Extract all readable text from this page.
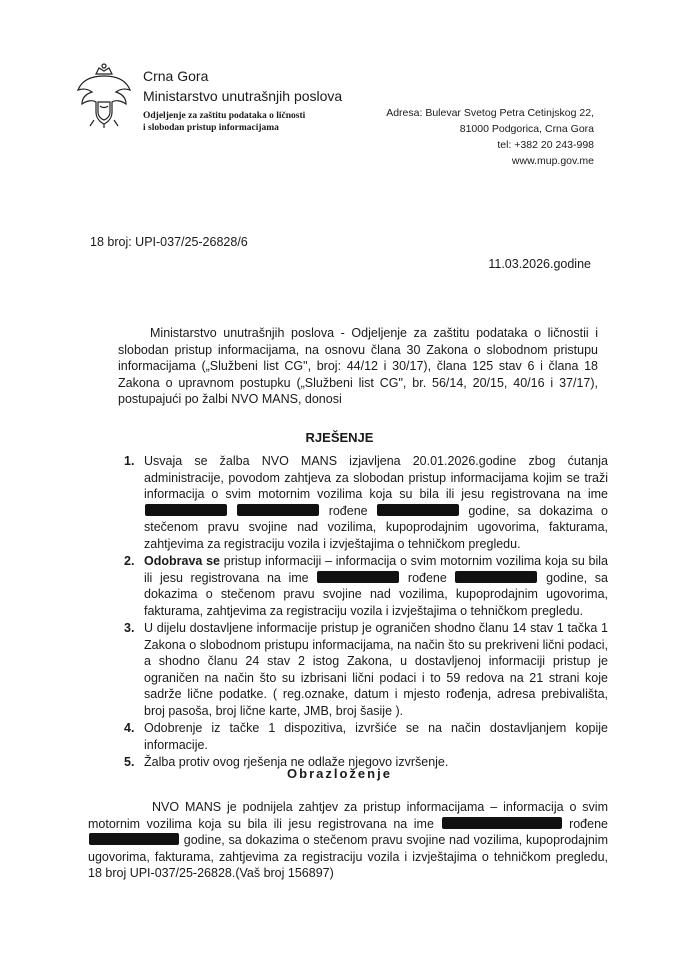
Crna Gora
Ministarstvo unutrašnjih poslova
Odjeljenje za zaštitu podataka o ličnosti
i slobodan pristup informacijama
Adresa: Bulevar Svetog Petra Cetinjskog 22,
81000 Podgorica, Crna Gora
tel: +382 20 243-998
www.mup.gov.me
18 broj: UPI-037/25-26828/6
11.03.2026.godine
Ministarstvo unutrašnjih poslova - Odjeljenje za zaštitu podataka o ličnostii i slobodan pristup informacijama, na osnovu člana 30 Zakona o slobodnom pristupu informacijama („Službeni list CG", broj: 44/12 i 30/17), člana 125 stav 6 i člana 18 Zakona o upravnom postupku („Službeni list CG", br. 56/14, 20/15, 40/16 i 37/17), postupajući po žalbi NVO MANS, donosi
RJEŠENJE
1. Usvaja se žalba NVO MANS izjavljena 20.01.2026.godine zbog ćutanja administracije, povodom zahtjeva za slobodan pristup informacijama kojim se traži informacija o svim motornim vozilima koja su bila ili jesu registrovana na ime   rođene	godine, sa dokazima o stečenom pravu svojine nad vozilima, kupoprodajnim ugovorima, fakturama, zahtjevima za registraciju vozila i izvještajima o tehničkom pregledu.
2. Odobrava se pristup informaciji – informacija o svim motornim vozilima koja su bila ili jesu registrovana na ime	rođene	godine, sa dokazima o stečenom pravu svojine nad vozilima, kupoprodajnim ugovorima, fakturama, zahtjevima za registraciju vozila i izvještajima o tehničkom pregledu.
3. U dijelu dostavljene informacije pristup je ograničen shodno članu 14 stav 1 tačka 1 Zakona o slobodnom pristupu informacijama, na način što su prekriveni lični podaci, a shodno članu 24 stav 2 istog Zakona, u dostavljenoj informaciji pristup je ograničen na način što su izbrisani lični podaci i to 59 redova na 21 strani koje sadrže lične podatke. ( reg.oznake, datum i mjesto rođenja, adresa prebivališta, broj pasoša, broj lične karte, JMB, broj šasije ).
4. Odobrenje iz tačke 1 dispozitiva, izvršiće se na način dostavljanjem kopije informacije.
5. Žalba protiv ovog rješenja ne odlaže njegovo izvršenje.
Obrazloženje
NVO MANS je podnijela zahtjev za pristup informacijama – informacija o svim motornim vozilima koja su bila ili jesu registrovana na ime	rođene  godine, sa dokazima o stečenom pravu svojine nad vozilima, kupoprodajnim ugovorima, fakturama, zahtjevima za registraciju vozila i izvještajima o tehničkom pregledu, 18 broj UPI-037/25-26828.(Vaš broj 156897)
